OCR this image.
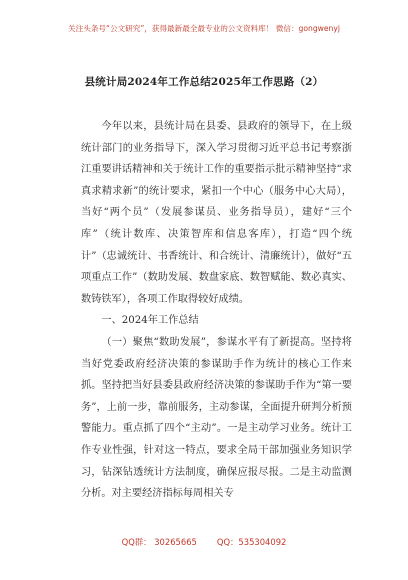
关注头条号“公文研究”，获得最新最全最专业的公文资料库！ 微信：gongwenyj
县统计局2024年工作总结2025年工作思路（2）

今年以来，县统计局在县委、县政府的领导下，在上级统计部门的业务指导下，深入学习贯彻习近平总书记考察浙江重要讲话精神和关于统计工作的重要指示批示精神坚持“求真求精求新”的统计要求，紧扣一个中心（服务中心大局），当好“两个员”（发展参谋员、业务指导员），建好“三个库”（统计数库、决策智库和信息客库），打造“四个统计”（忠诚统计、书香统计、和合统计、清廉统计），做好“五项重点工作”（数助发展、数盘家底、数智赋能、数必真实、数铸铁军），各项工作取得较好成绩。

一、2024年工作总结

（一）聚焦“数助发展”，参谋水平有了新提高。坚持将当好党委政府经济决策的参谋助手作为统计的核心工作来抓。坚持把当好县委县政府经济决策的参谋助手作为“第一要务”，上前一步，靠前服务，主动参谋，全面提升研判分析预警能力。重点抓了四个“主动”。一是主动学习业务。统计工作专业性强，针对这一特点，要求全局干部加强业务知识学习，钻深钻透统计方法制度，确保应报尽报。二是主动监测分析。对主要经济指标每周相关专

QQ群： 30265665 QQ：535304092
